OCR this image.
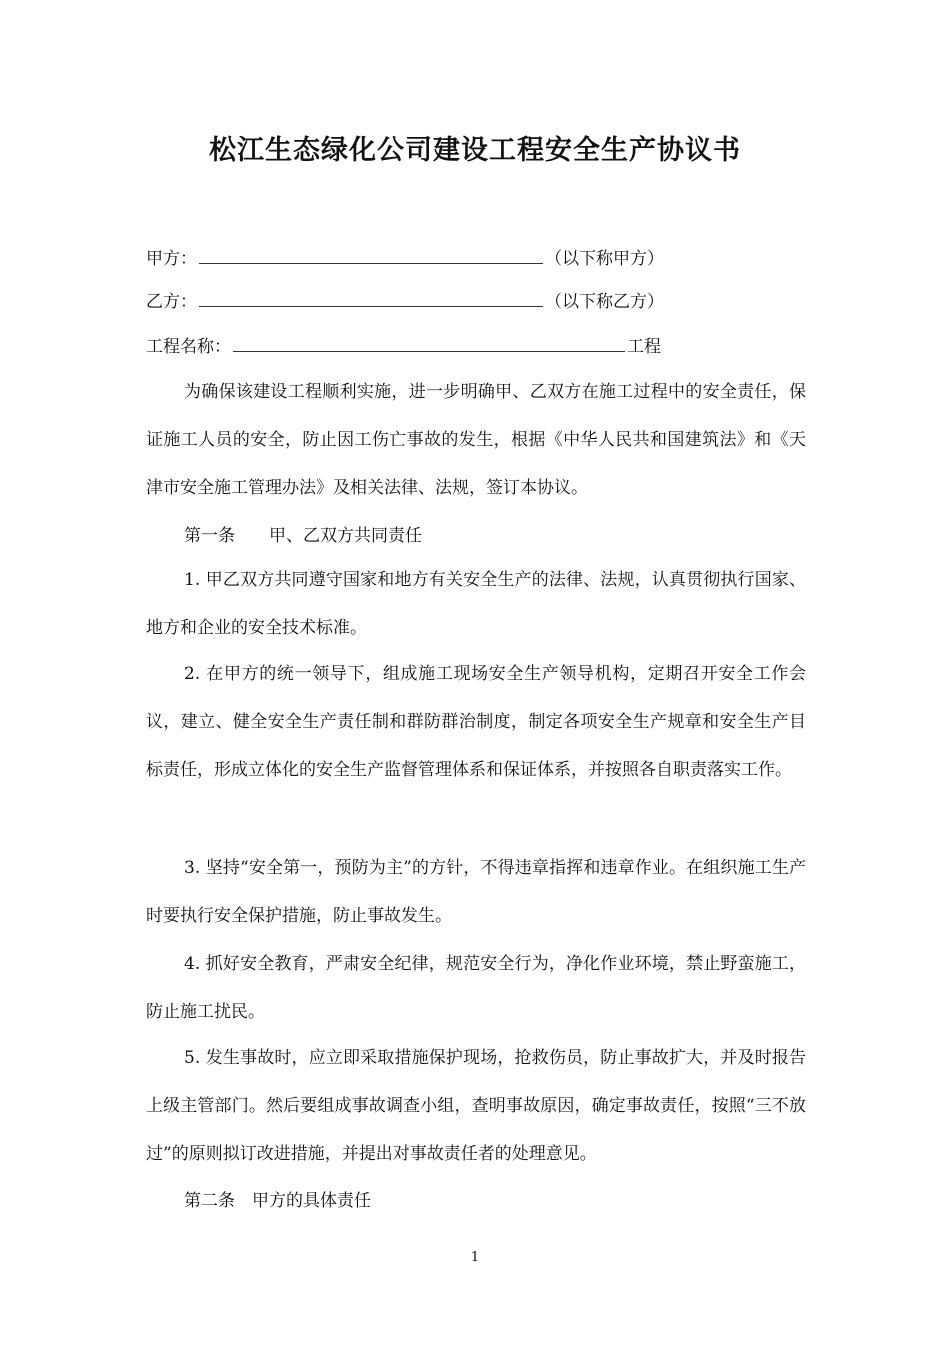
松江生态绿化公司建设工程安全生产协议书
甲方：	（以下称甲方）
乙方：	（以下称乙方）
工程名称：	工程

为确保该建设工程顺利实施，进一步明确甲、乙双方在施工过程中的安全责任，保证施工人员的安全，防止因工伤亡事故的发生，根据《中华人民共和国建筑法》和《天津市安全施工管理办法》及相关法律、法规，签订本协议。

第一条　　甲、乙双方共同责任

1. 甲乙双方共同遵守国家和地方有关安全生产的法律、法规，认真贯彻执行国家、地方和企业的安全技术标准。

2. 在甲方的统一领导下，组成施工现场安全生产领导机构，定期召开安全工作会议，建立、健全安全生产责任制和群防群治制度，制定各项安全生产规章和安全生产目标责任，形成立体化的安全生产监督管理体系和保证体系，并按照各自职责落实工作。

3. 坚持“安全第一，预防为主”的方针，不得违章指挥和违章作业。在组织施工生产时要执行安全保护措施，防止事故发生。

4. 抓好安全教育，严肃安全纪律，规范安全行为，净化作业环境，禁止野蛮施工，防止施工扰民。

5. 发生事故时，应立即采取措施保护现场，抢救伤员，防止事故扩大，并及时报告上级主管部门。然后要组成事故调查小组，查明事故原因，确定事故责任，按照“三不放过”的原则拟订改进措施，并提出对事故责任者的处理意见。

第二条　甲方的具体责任
1
